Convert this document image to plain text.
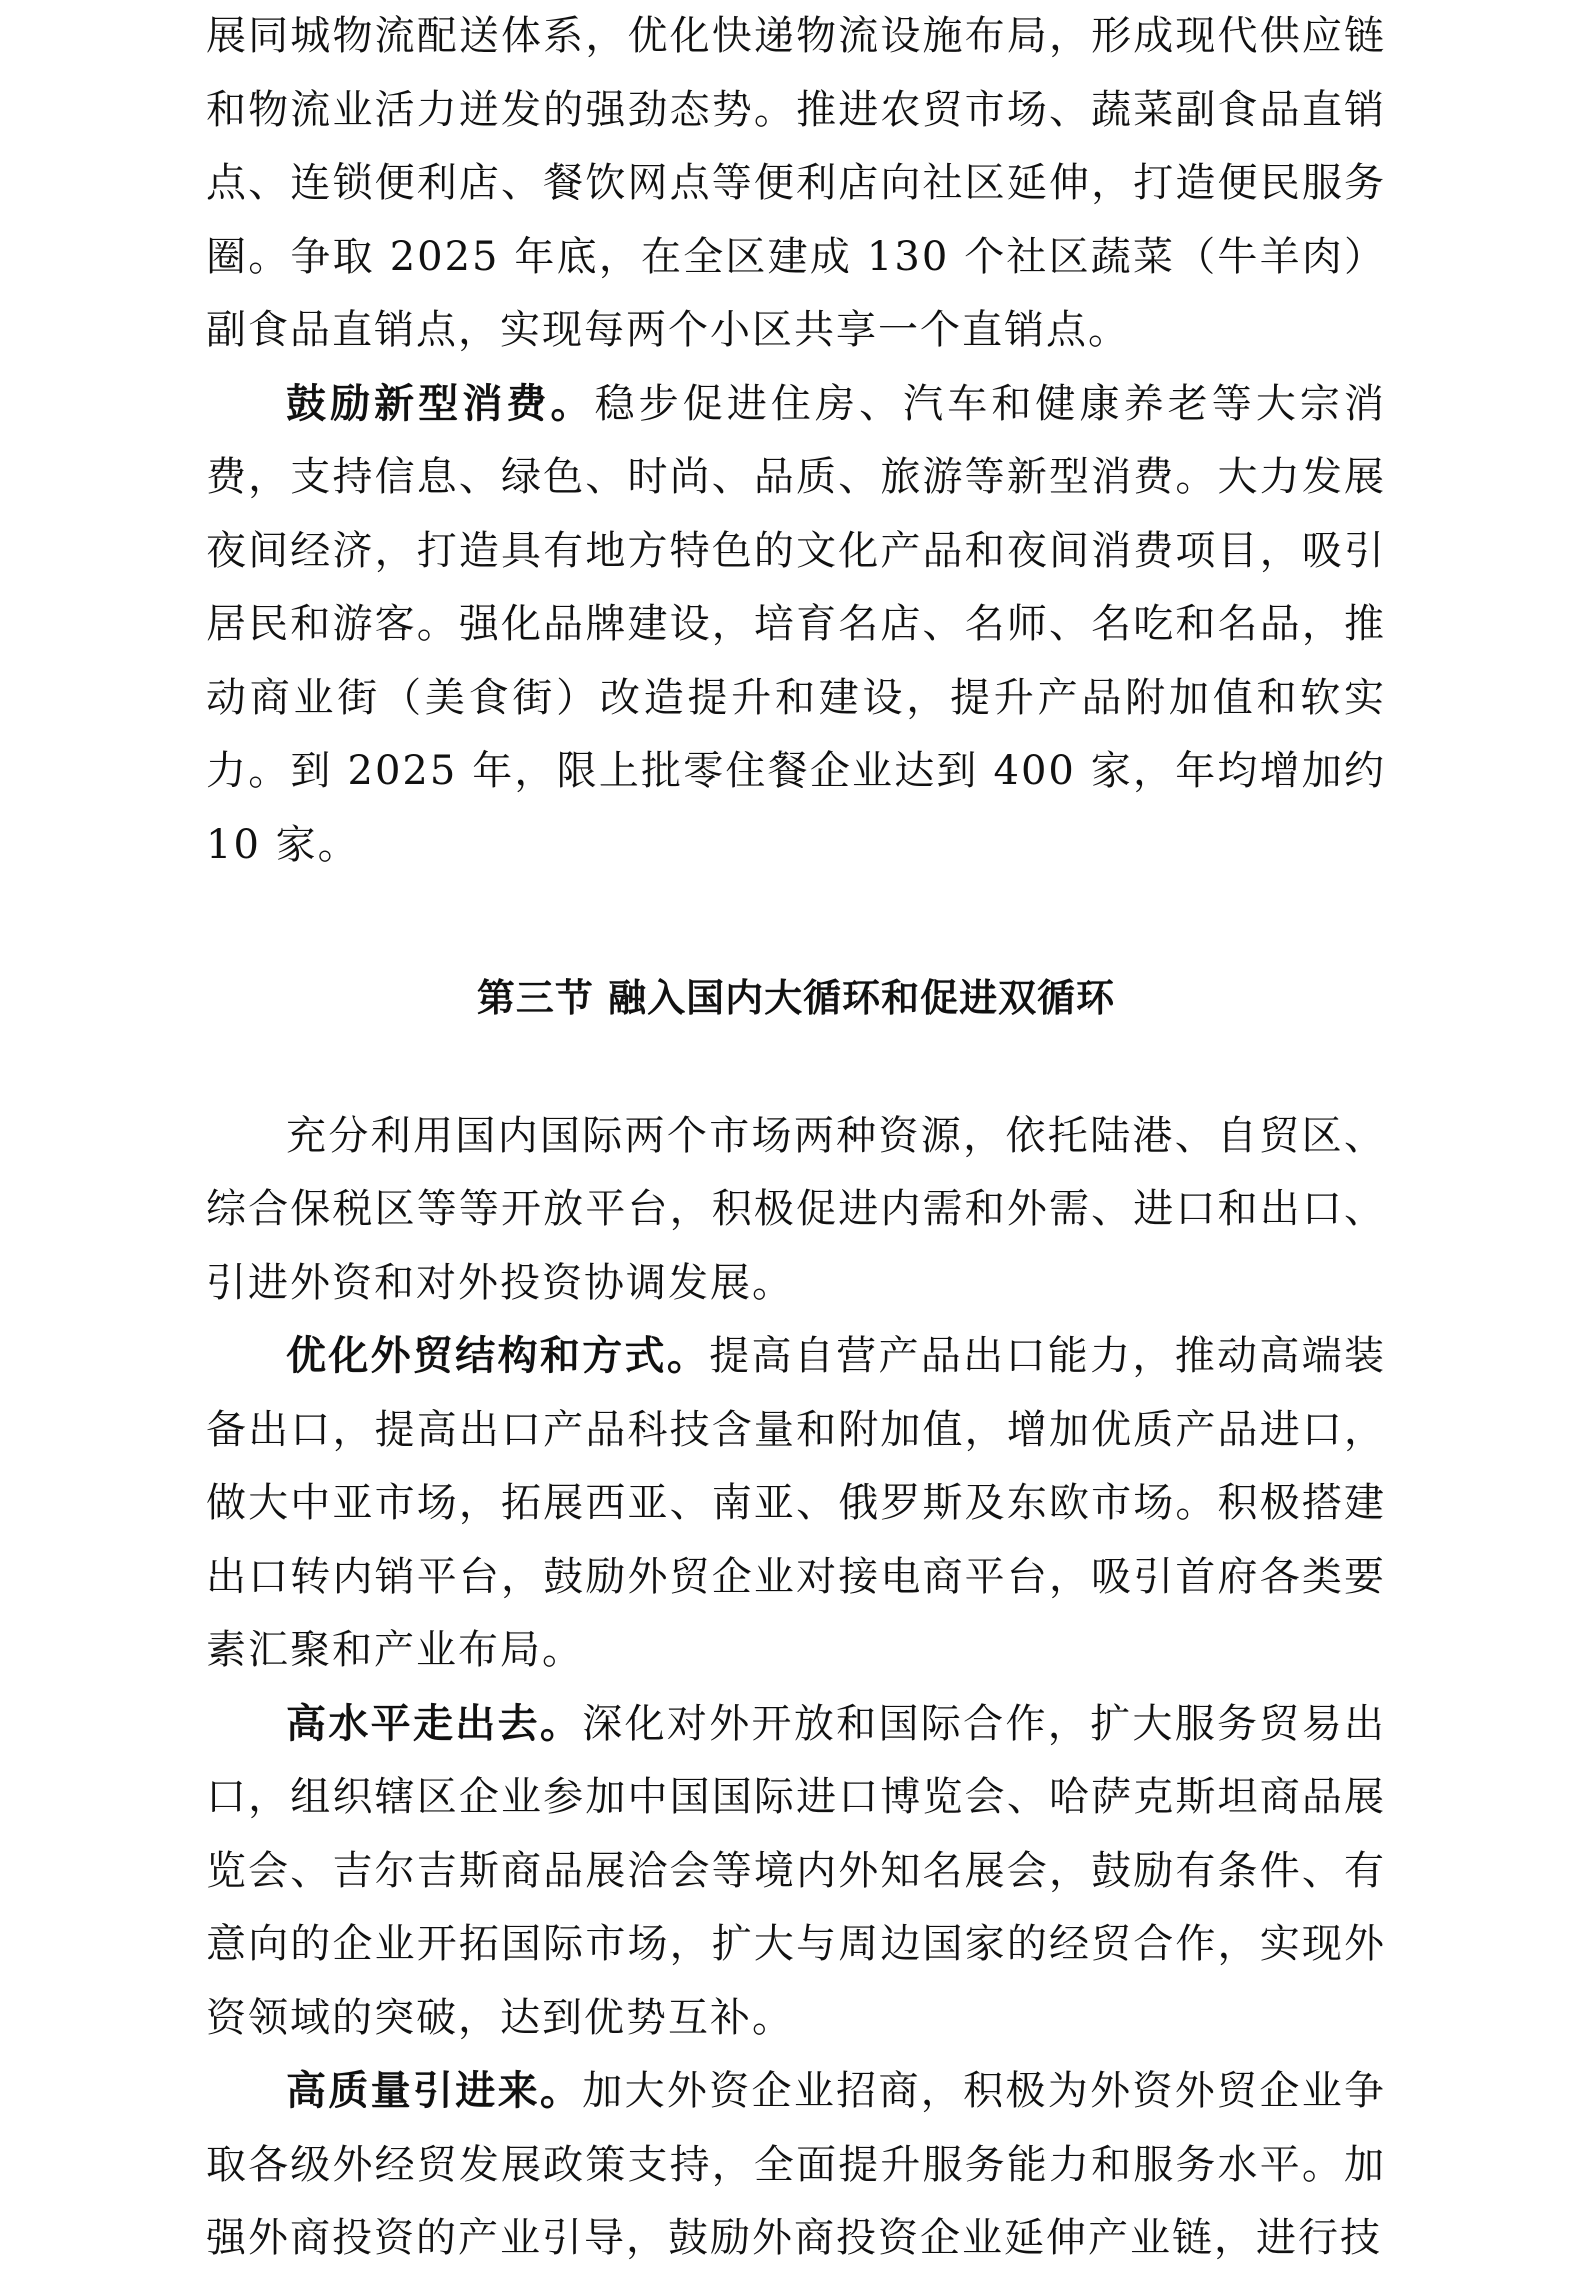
展同城物流配送体系，优化快递物流设施布局，形成现代供应链和物流业活力迸发的强劲态势。推进农贸市场、蔬菜副食品直销点、连锁便利店、餐饮网点等便利店向社区延伸，打造便民服务圈。争取 2025 年底，在全区建成 130 个社区蔬菜（牛羊肉）副食品直销点，实现每两个小区共享一个直销点。

鼓励新型消费。稳步促进住房、汽车和健康养老等大宗消费，支持信息、绿色、时尚、品质、旅游等新型消费。大力发展夜间经济，打造具有地方特色的文化产品和夜间消费项目，吸引居民和游客。强化品牌建设，培育名店、名师、名吃和名品，推动商业街（美食街）改造提升和建设，提升产品附加值和软实力。到 2025 年，限上批零住餐企业达到 400 家，年均增加约 10 家。

第三节 融入国内大循环和促进双循环

充分利用国内国际两个市场两种资源，依托陆港、自贸区、综合保税区等等开放平台，积极促进内需和外需、进口和出口、引进外资和对外投资协调发展。

优化外贸结构和方式。提高自营产品出口能力，推动高端装备出口，提高出口产品科技含量和附加值，增加优质产品进口，做大中亚市场，拓展西亚、南亚、俄罗斯及东欧市场。积极搭建出口转内销平台，鼓励外贸企业对接电商平台，吸引首府各类要素汇聚和产业布局。

高水平走出去。深化对外开放和国际合作，扩大服务贸易出口，组织辖区企业参加中国国际进口博览会、哈萨克斯坦商品展览会、吉尔吉斯商品展洽会等境内外知名展会，鼓励有条件、有意向的企业开拓国际市场，扩大与周边国家的经贸合作，实现外资领域的突破，达到优势互补。

高质量引进来。加大外资企业招商，积极为外资外贸企业争取各级外经贸发展政策支持，全面提升服务能力和服务水平。加强外商投资的产业引导，鼓励外商投资企业延伸产业链，进行技
